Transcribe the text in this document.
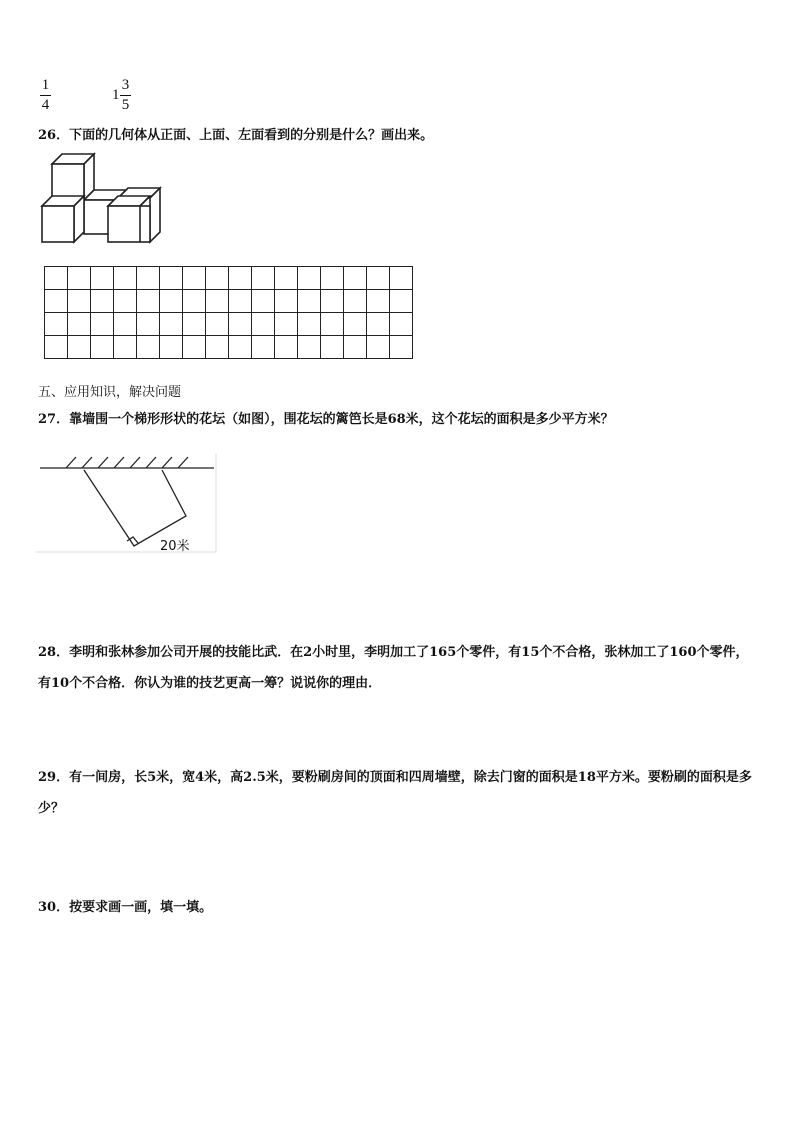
1
4
1
3
5
26．下面的几何体从正面、上面、左面看到的分别是什么？画出来。

五、应用知识，解决问题
27．靠墙围一个梯形形状的花坛（如图），围花坛的篱笆长是68米，这个花坛的面积是多少平方米？
20米
28．李明和张林参加公司开展的技能比武．在2小时里，李明加工了165个零件，有15个不合格，张林加工了160个零件，有10个不合格．你认为谁的技艺更高一筹？说说你的理由．
29．有一间房，长5米，宽4米，高2.5米，要粉刷房间的顶面和四周墙壁，除去门窗的面积是18平方米。要粉刷的面积是多少？
30．按要求画一画，填一填。
